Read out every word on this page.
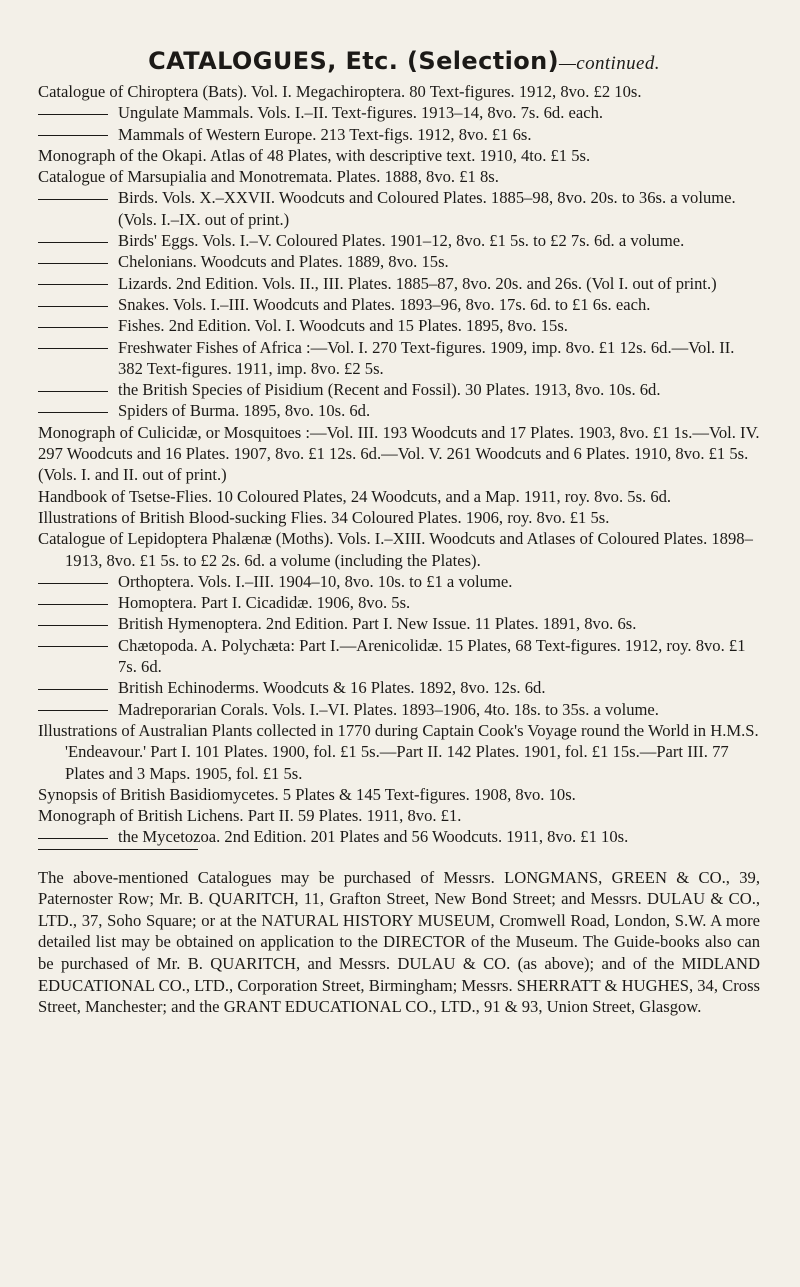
CATALOGUES, Etc. (Selection)—continued.

Catalogue of Chiroptera (Bats). Vol. I. Megachiroptera. 80 Text-figures. 1912, 8vo. £2 10s.

Ungulate Mammals. Vols. I.–II. Text-figures. 1913–14, 8vo. 7s. 6d. each.

Mammals of Western Europe. 213 Text-figs. 1912, 8vo. £1 6s.

Monograph of the Okapi. Atlas of 48 Plates, with descriptive text. 1910, 4to. £1 5s.

Catalogue of Marsupialia and Monotremata. Plates. 1888, 8vo. £1 8s.

Birds. Vols. X.–XXVII. Woodcuts and Coloured Plates. 1885–98, 8vo. 20s. to 36s. a volume. (Vols. I.–IX. out of print.)

Birds' Eggs. Vols. I.–V. Coloured Plates. 1901–12, 8vo. £1 5s. to £2 7s. 6d. a volume.

Chelonians. Woodcuts and Plates. 1889, 8vo. 15s.

Lizards. 2nd Edition. Vols. II., III. Plates. 1885–87, 8vo. 20s. and 26s. (Vol I. out of print.)

Snakes. Vols. I.–III. Woodcuts and Plates. 1893–96, 8vo. 17s. 6d. to £1 6s. each.

Fishes. 2nd Edition. Vol. I. Woodcuts and 15 Plates. 1895, 8vo. 15s.

Freshwater Fishes of Africa :—Vol. I. 270 Text-figures. 1909, imp. 8vo. £1 12s. 6d.—Vol. II. 382 Text-figures. 1911, imp. 8vo. £2 5s.

the British Species of Pisidium (Recent and Fossil). 30 Plates. 1913, 8vo. 10s. 6d.

Spiders of Burma. 1895, 8vo. 10s. 6d.

Monograph of Culicidæ, or Mosquitoes :—Vol. III. 193 Woodcuts and 17 Plates. 1903, 8vo. £1 1s.—Vol. IV. 297 Woodcuts and 16 Plates. 1907, 8vo. £1 12s. 6d.—Vol. V. 261 Woodcuts and 6 Plates. 1910, 8vo. £1 5s. (Vols. I. and II. out of print.)

Handbook of Tsetse-Flies. 10 Coloured Plates, 24 Woodcuts, and a Map. 1911, roy. 8vo. 5s. 6d.

Illustrations of British Blood-sucking Flies. 34 Coloured Plates. 1906, roy. 8vo. £1 5s.

Catalogue of Lepidoptera Phalænæ (Moths). Vols. I.–XIII. Woodcuts and Atlases of Coloured Plates. 1898–1913, 8vo. £1 5s. to £2 2s. 6d. a volume (including the Plates).

Orthoptera. Vols. I.–III. 1904–10, 8vo. 10s. to £1 a volume.

Homoptera. Part I. Cicadidæ. 1906, 8vo. 5s.

British Hymenoptera. 2nd Edition. Part I. New Issue. 11 Plates. 1891, 8vo. 6s.

Chætopoda. A. Polychæta: Part I.—Arenicolidæ. 15 Plates, 68 Text-figures. 1912, roy. 8vo. £1 7s. 6d.

British Echinoderms. Woodcuts & 16 Plates. 1892, 8vo. 12s. 6d.

Madreporarian Corals. Vols. I.–VI. Plates. 1893–1906, 4to. 18s. to 35s. a volume.

Illustrations of Australian Plants collected in 1770 during Captain Cook's Voyage round the World in H.M.S. 'Endeavour.' Part I. 101 Plates. 1900, fol. £1 5s.—Part II. 142 Plates. 1901, fol. £1 15s.—Part III. 77 Plates and 3 Maps. 1905, fol. £1 5s.

Synopsis of British Basidiomycetes. 5 Plates & 145 Text-figures. 1908, 8vo. 10s.

Monograph of British Lichens. Part II. 59 Plates. 1911, 8vo. £1.

the Mycetozoa. 2nd Edition. 201 Plates and 56 Woodcuts. 1911, 8vo. £1 10s.

The above-mentioned Catalogues may be purchased of Messrs. LONGMANS, GREEN & CO., 39, Paternoster Row; Mr. B. QUARITCH, 11, Grafton Street, New Bond Street; and Messrs. DULAU & CO., LTD., 37, Soho Square; or at the NATURAL HISTORY MUSEUM, Cromwell Road, London, S.W. A more detailed list may be obtained on application to the DIRECTOR of the Museum. The Guide-books also can be purchased of Mr. B. QUARITCH, and Messrs. DULAU & CO. (as above); and of the MIDLAND EDUCATIONAL CO., LTD., Corporation Street, Birmingham; Messrs. SHERRATT & HUGHES, 34, Cross Street, Manchester; and the GRANT EDUCATIONAL CO., LTD., 91 & 93, Union Street, Glasgow.
